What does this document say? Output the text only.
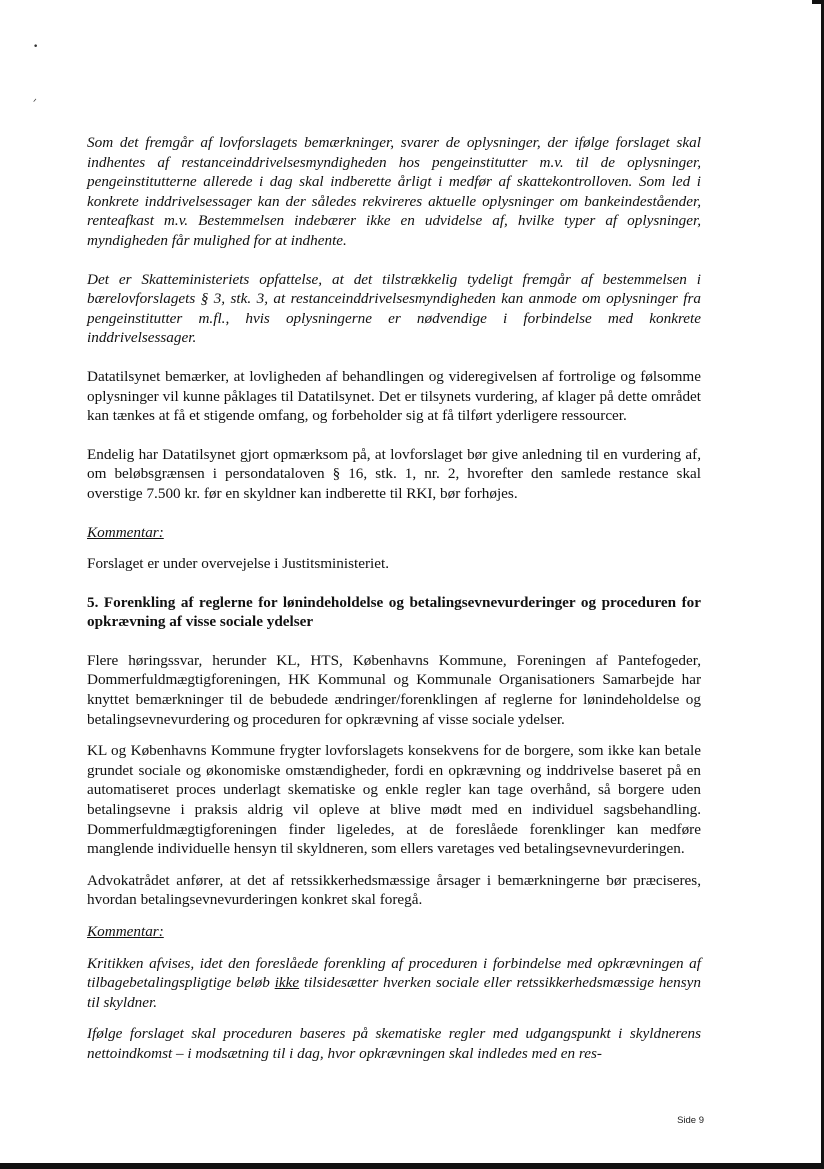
•
ᐟ

Som det fremgår af lovforslagets bemærkninger, svarer de oplysninger, der ifølge forslaget skal indhentes af restanceinddrivelsesmyndigheden hos pengeinstitutter m.v. til de oplysninger, pengeinstitutterne allerede i dag skal indberette årligt i medfør af skattekontrolloven. Som led i konkrete inddrivelsessager kan der således rekvireres aktuelle oplysninger om bankeindeståender, renteafkast m.v. Bestemmelsen indebærer ikke en udvidelse af, hvilke typer af oplysninger, myndigheden får mulighed for at indhente.

Det er Skatteministeriets opfattelse, at det tilstrækkelig tydeligt fremgår af bestemmelsen i bærelovforslagets § 3, stk. 3, at restanceinddrivelsesmyndigheden kan anmode om oplysninger fra pengeinstitutter m.fl., hvis oplysningerne er nødvendige i forbindelse med konkrete inddrivelsessager.

Datatilsynet bemærker, at lovligheden af behandlingen og videregivelsen af fortrolige og følsomme oplysninger vil kunne påklages til Datatilsynet. Det er tilsynets vurdering, af klager på dette området kan tænkes at få et stigende omfang, og forbeholder sig at få tilført yderligere ressourcer.

Endelig har Datatilsynet gjort opmærksom på, at lovforslaget bør give anledning til en vurdering af, om beløbsgrænsen i persondataloven § 16, stk. 1, nr. 2, hvorefter den samlede restance skal overstige 7.500 kr. før en skyldner kan indberette til RKI, bør forhøjes.

Kommentar:

Forslaget er under overvejelse i Justitsministeriet.

5. Forenkling af reglerne for lønindeholdelse og betalingsevnevurderinger og proceduren for opkrævning af visse sociale ydelser

Flere høringssvar, herunder KL, HTS, Københavns Kommune, Foreningen af Pantefogeder, Dommerfuldmægtigforeningen, HK Kommunal og Kommunale Organisationers Samarbejde har knyttet bemærkninger til de bebudede ændringer/forenklingen af reglerne for lønindeholdelse og betalingsevnevurdering og proceduren for opkrævning af visse sociale ydelser.

KL og Københavns Kommune frygter lovforslagets konsekvens for de borgere, som ikke kan betale grundet sociale og økonomiske omstændigheder, fordi en opkrævning og inddrivelse baseret på en automatiseret proces underlagt skematiske og enkle regler kan tage overhånd, så borgere uden betalingsevne i praksis aldrig vil opleve at blive mødt med en individuel sagsbehandling. Dommerfuldmægtigforeningen finder ligeledes, at de foreslåede forenklinger kan medføre manglende individuelle hensyn til skyldneren, som ellers varetages ved betalingsevnevurderingen.

Advokatrådet anfører, at det af retssikkerhedsmæssige årsager i bemærkningerne bør præciseres, hvordan betalingsevnevurderingen konkret skal foregå.

Kommentar:

Kritikken afvises, idet den foreslåede forenkling af proceduren i forbindelse med opkrævningen af tilbagebetalingspligtige beløb ikke tilsidesætter hverken sociale eller retssikkerhedsmæssige hensyn til skyldner.

Ifølge forslaget skal proceduren baseres på skematiske regler med udgangspunkt i skyldnerens nettoindkomst – i modsætning til i dag, hvor opkrævningen skal indledes med en res-

Side 9
